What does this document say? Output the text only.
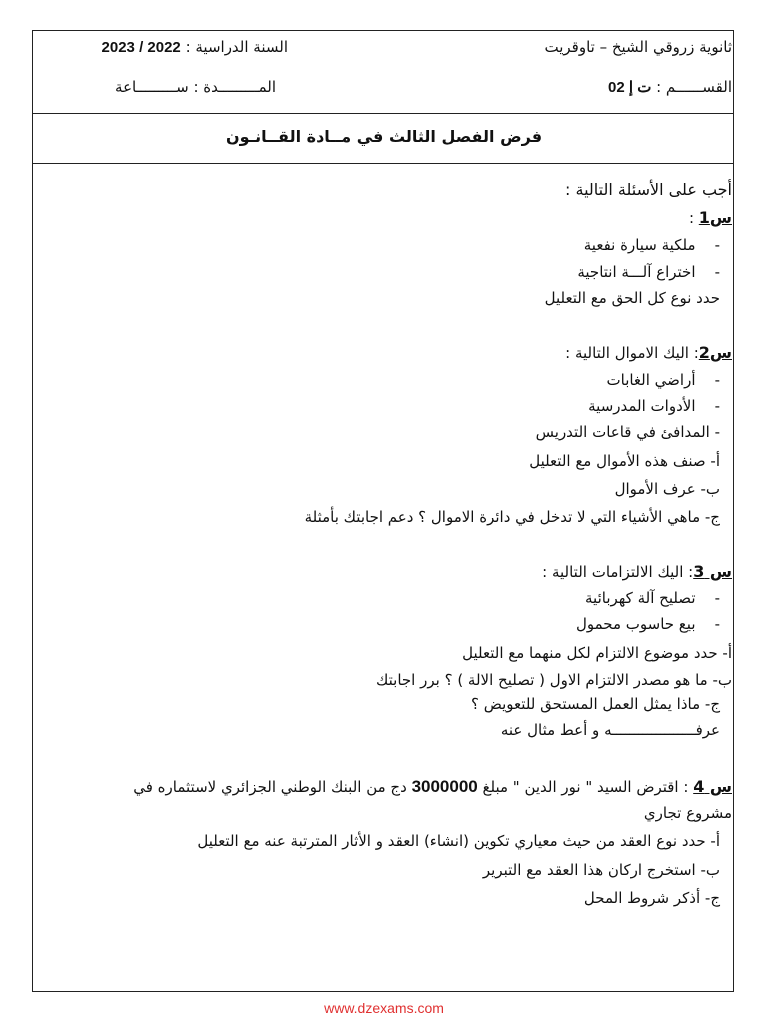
ثانوية زروقي الشيخ – تاوقريت
السنة الدراسية : 2023 / 2022
القســــــم : 02 ت إ
المـــــــــدة : ســـــــــاعة
فرض الفصل الثالث في مــادة القــانـون
أجب على الأسئلة التالية :
س1 :
-    ملكية سيارة نفعية
-    اختراع آلـــة انتاجية
حدد نوع كل الحق مع التعليل
س2: اليك الاموال التالية :
-    أراضي الغابات
-    الأدوات المدرسية
- المدافئ في قاعات التدريس
أ- صنف هذه الأموال مع التعليل
ب- عرف الأموال
ج- ماهي الأشياء التي لا تدخل في دائرة الاموال ؟ دعم اجابتك بأمثلة
س 3: اليك الالتزامات التالية :
-    تصليح آلة كهربائية
-    بيع حاسوب محمول
أ- حدد موضوع الالتزام لكل منهما مع التعليل
ب- ما هو مصدر الالتزام الاول ( تصليح الالة ) ؟ برر اجابتك
ج- ماذا يمثل العمل المستحق للتعويض ؟
عرفـــــــــــــــــــه و أعط مثال عنه
س 4 : اقترض السيد " نور الدين " مبلغ 3000000 دج من البنك الوطني الجزائري لاستثماره في
مشروع تجاري
أ- حدد نوع العقد من حيث معياري تكوين (انشاء) العقد و الأثار المترتبة عنه مع التعليل
ب- استخرج اركان هذا العقد مع التبرير
ج- أذكر شروط المحل
www.dzexams.com
